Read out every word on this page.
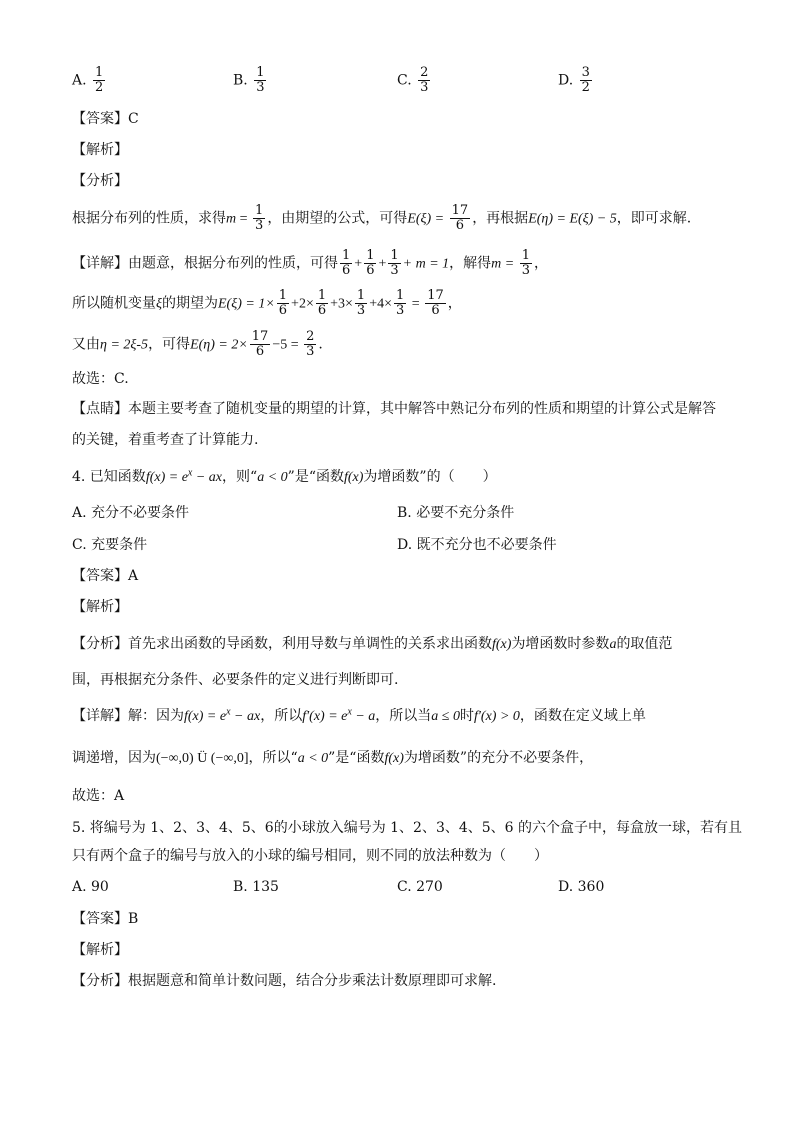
A. $\frac{1}{2}$	B. $\frac{1}{3}$	C. $\frac{2}{3}$	D. $\frac{3}{2}$
【答案】C
【解析】
【分析】
根据分布列的性质，求得$m = \frac{1}{3}$ ，由期望的公式，可得$E(\xi) = \frac{17}{6}$ ，再根据E(η) = E(ξ) − 5，即可求解.
【详解】由题意，根据分布列的性质，可得 $\frac{1}{6} + \frac{1}{6} + \frac{1}{3} + m = 1$，解得$m = \frac{1}{3}$ ，
所以随机变量ξ的期望为$E(\xi) = 1\times \frac{1}{6} +2\times \frac{1}{6} +3\times \frac{1}{3} +4\times \frac{1}{3} = \frac{17}{6}$ ，
又由η = 2ξ-5，可得$E(\eta) = 2\times \frac{17}{6} -5 = \frac{2}{3}$ .
故选：C.
【点睛】本题主要考查了随机变量的期望的计算，其中解答中熟记分布列的性质和期望的计算公式是解答
的关键，着重考查了计算能力.
4. 已知函数$f(x) = e^x$ − ax，则“a < 0”是“函数f(x)为增函数”的（　　）
A. 充分不必要条件	B. 必要不充分条件
C. 充要条件	D. 既不充分也不必要条件
【答案】A
【解析】
【分析】首先求出函数的导函数，利用导数与单调性的关系求出函数f(x)为增函数时参数a的取值范
围，再根据充分条件、必要条件的定义进行判断即可.
【详解】解：因为$f(x) = e^x$ − ax，所以$f'(x) = e^x - a$，所以当a ≤ 0时f′(x) > 0，函数在定义域上单
调递增，因为(−∞,0) Ü (−∞,0]，所以“a < 0”是“函数f(x)为增函数”的充分不必要条件，
故选：A
5. 将编号为 1、2、3、4、5、6的小球放入编号为 1、2、3、4、5、6 的六个盒子中，每盒放一球，若有且
只有两个盒子的编号与放入的小球的编号相同，则不同的放法种数为（　　）
A. 90	B. 135	C. 270	D. 360
【答案】B
【解析】
【分析】根据题意和简单计数问题，结合分步乘法计数原理即可求解.
